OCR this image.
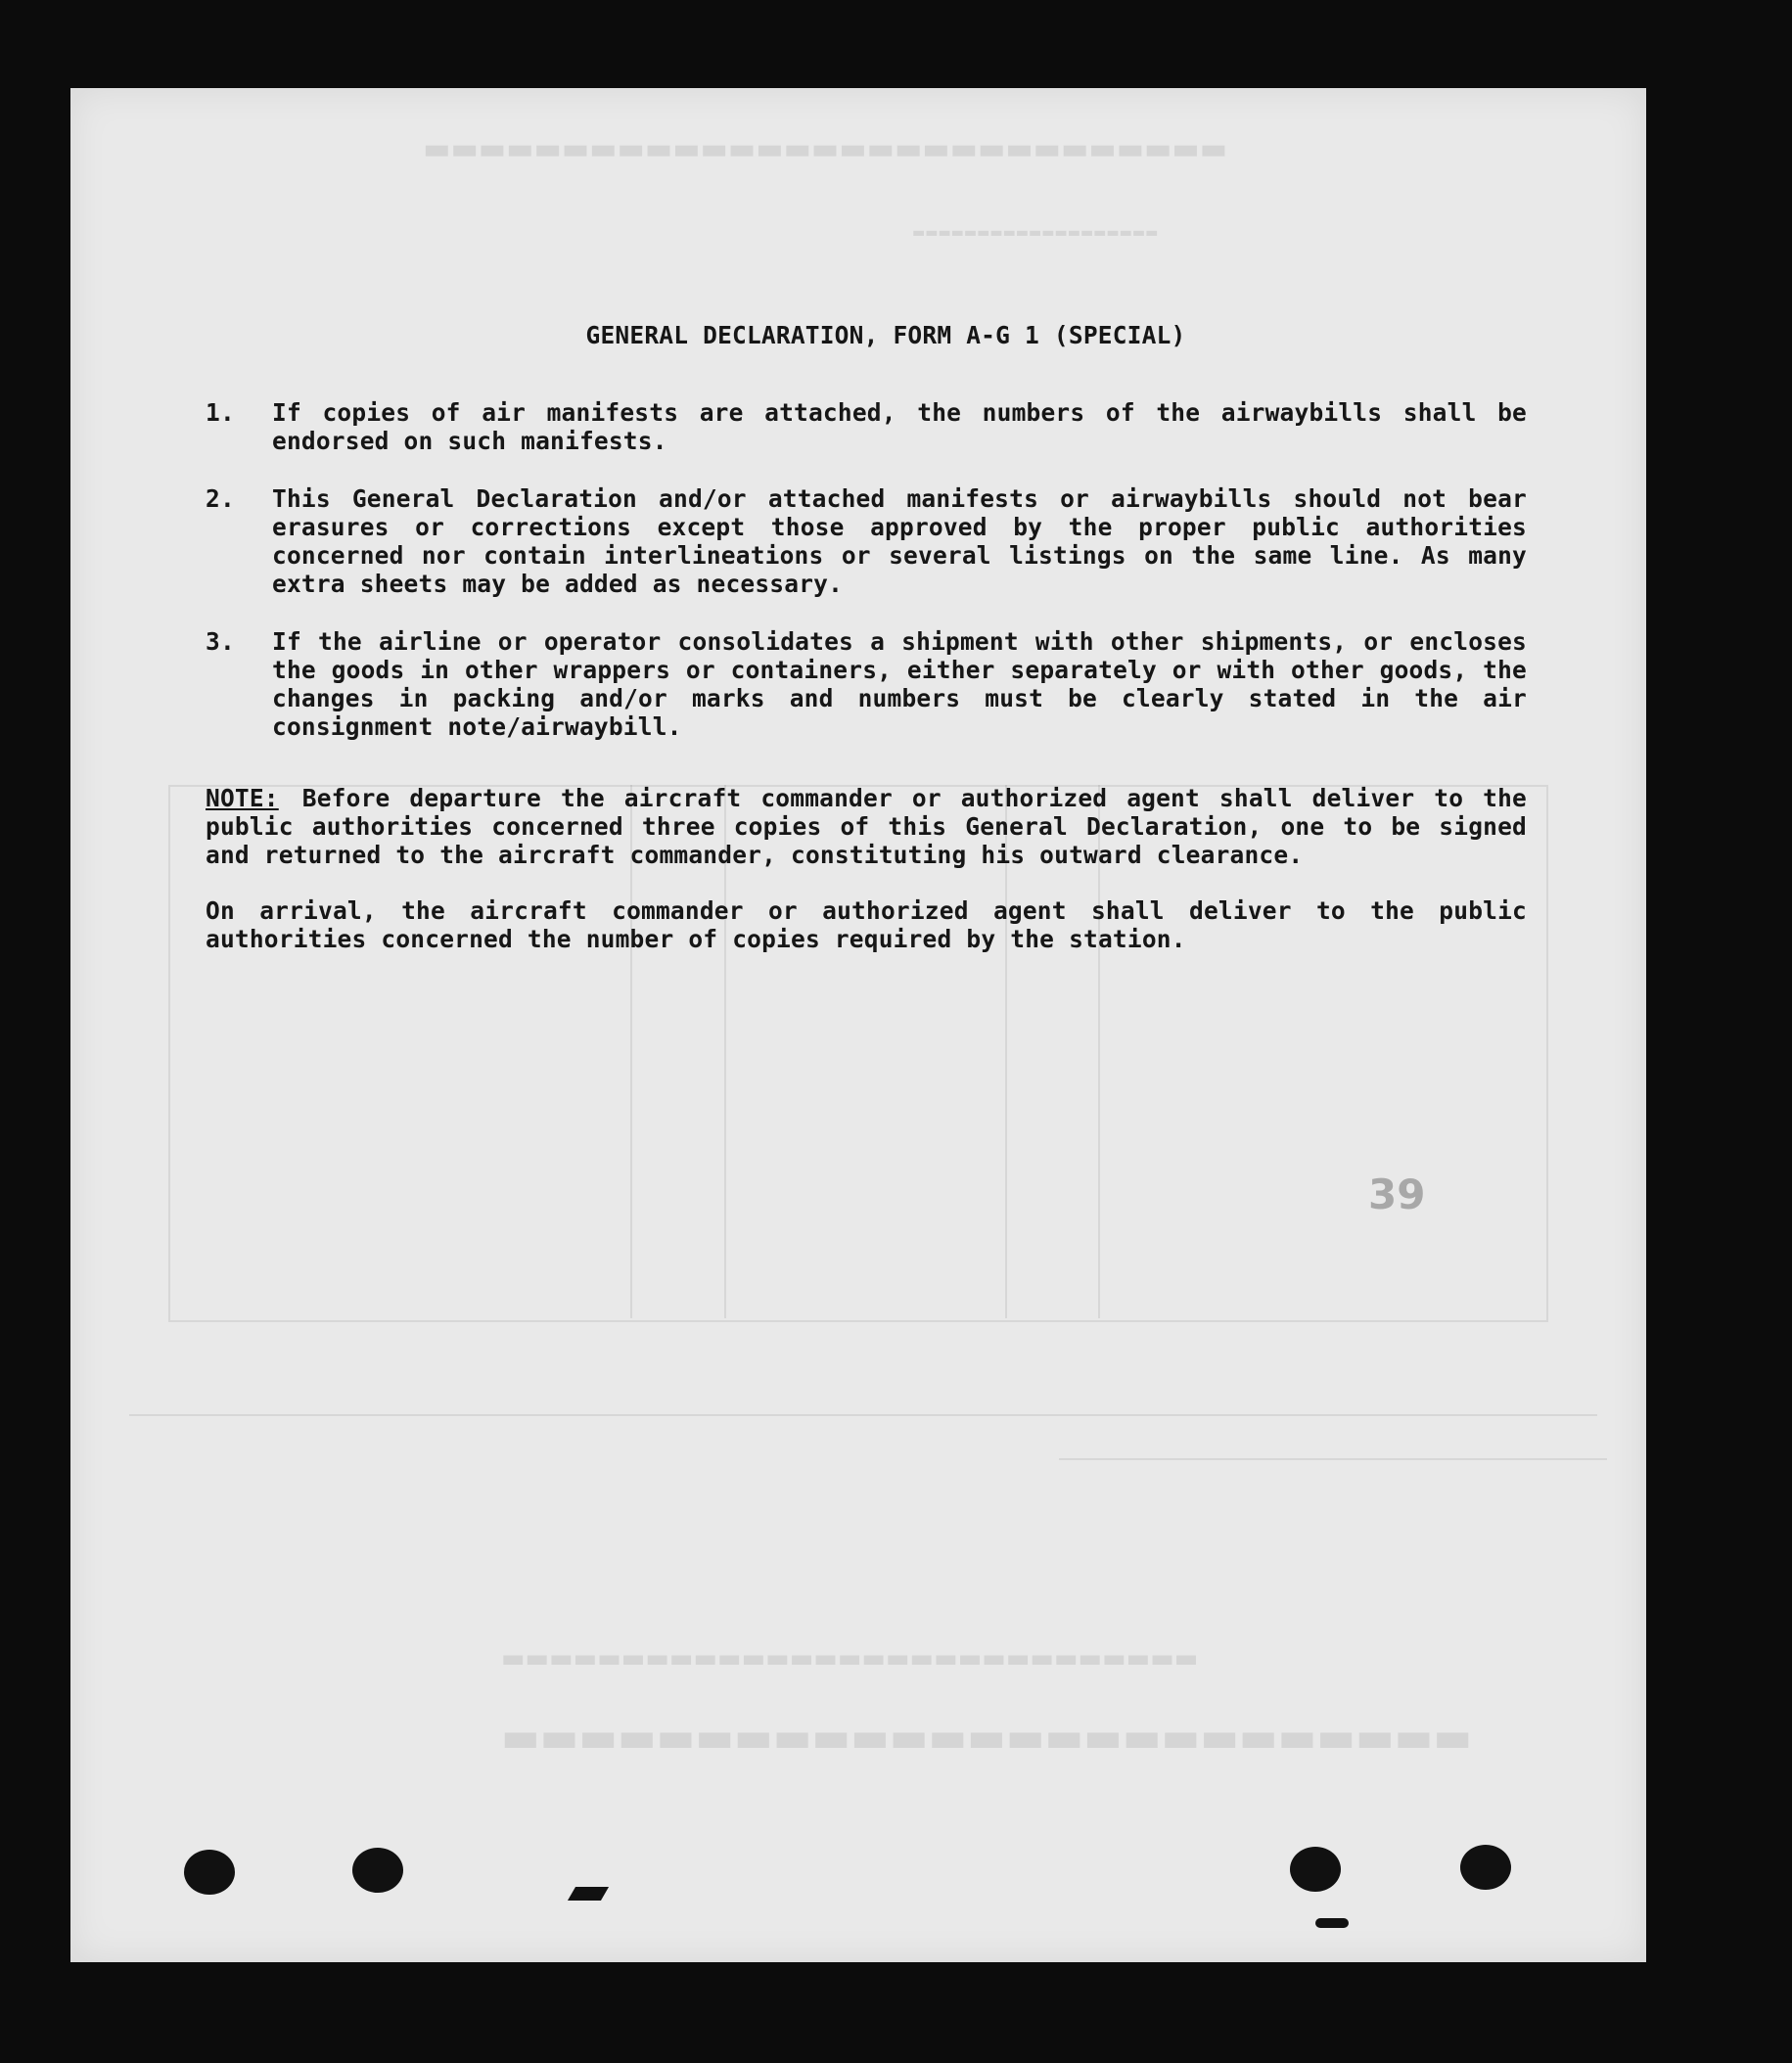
▬▬▬▬▬▬▬▬▬▬▬▬▬▬▬▬▬▬▬▬▬▬▬▬▬▬▬▬▬
▬▬▬▬▬▬▬▬▬▬▬▬▬▬▬▬▬▬▬
▬▬▬▬▬▬▬▬▬▬▬▬▬▬▬▬▬▬▬▬▬▬▬▬▬▬▬▬▬
▬▬▬▬▬▬▬▬▬▬▬▬▬▬▬▬▬▬▬▬▬▬▬▬▬
39
GENERAL DECLARATION, FORM A-G 1 (SPECIAL)
1.	If copies of air manifests are attached, the numbers of the airwaybills shall be endorsed on such manifests.
2.	This General Declaration and/or attached manifests or airwaybills should not bear erasures or corrections except those approved by the proper public authorities concerned nor contain interlineations or several listings on the same line. As many extra sheets may be added as necessary.
3.	If the airline or operator consolidates a shipment with other shipments, or encloses the goods in other wrappers or containers, either separately or with other goods, the changes in packing and/or marks and numbers must be clearly stated in the air consignment note/airwaybill.
NOTE: Before departure the aircraft commander or authorized agent shall deliver to the public authorities concerned three copies of this General Declaration, one to be signed and returned to the aircraft commander, constituting his outward clearance.
On arrival, the aircraft commander or authorized agent shall deliver to the public authorities concerned the number of copies required by the station.
